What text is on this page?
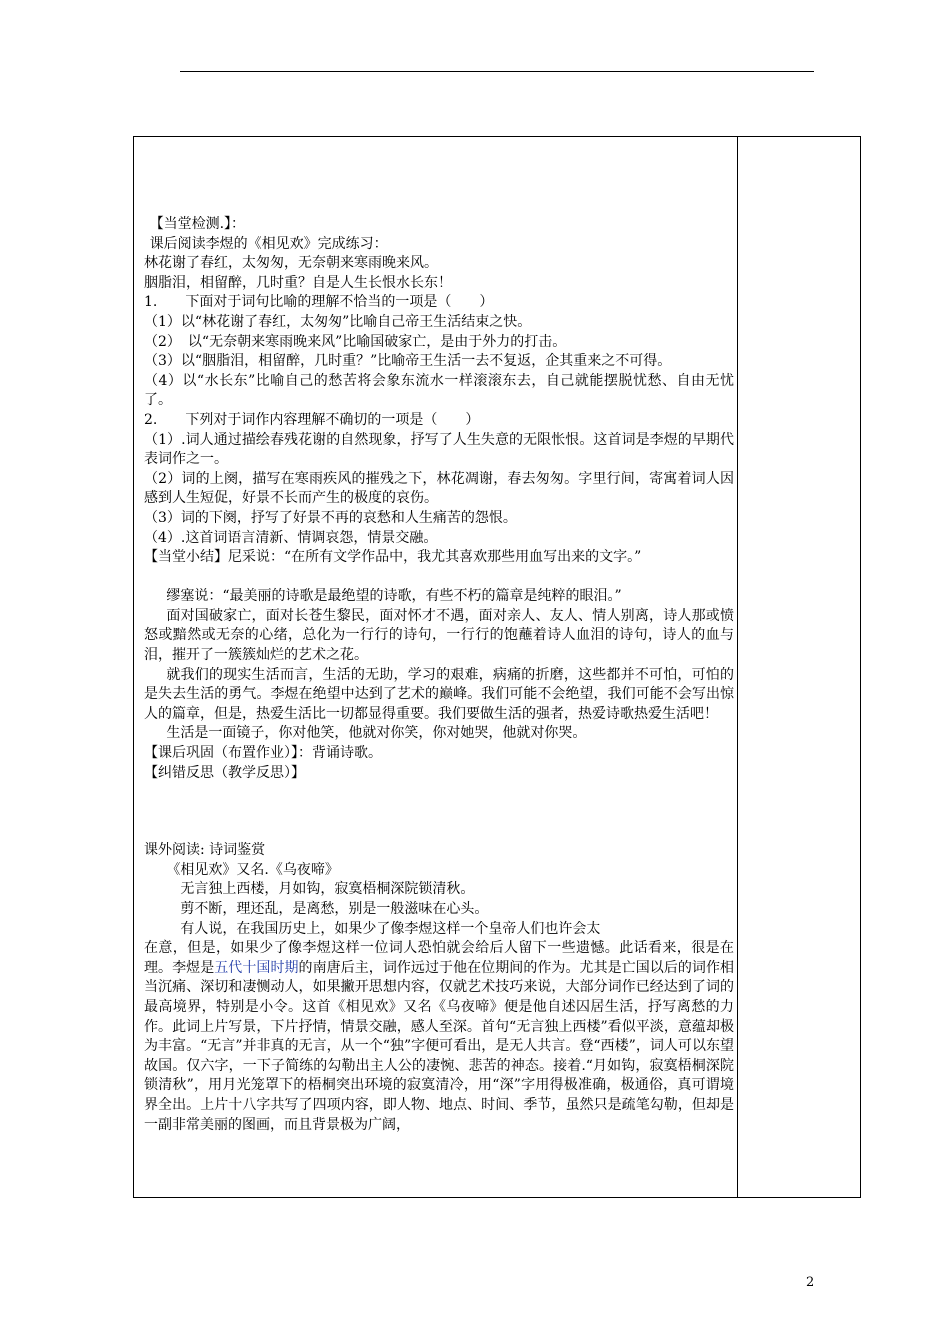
【当堂检测.】：

课后阅读李煜的《相见欢》完成练习：

林花谢了春红，太匆匆，无奈朝来寒雨晚来风。

胭脂泪，相留醉，几时重？自是人生长恨水长东！

1.　　下面对于词句比喻的理解不恰当的一项是（　　）

（1）以“林花谢了春红，太匆匆”比喻自己帝王生活结束之快。

（2）　以“无奈朝来寒雨晚来风”比喻国破家亡，是由于外力的打击。

（3）以“胭脂泪，相留醉，几时重？”比喻帝王生活一去不复返，企其重来之不可得。

（4）以“水长东”比喻自己的愁苦将会象东流水一样滚滚东去，自己就能摆脱忧愁、自由无忧了。

2.　　下列对于词作内容理解不确切的一项是（　　）

（1）.词人通过描绘春残花谢的自然现象，抒写了人生失意的无限怅恨。这首词是李煜的早期代表词作之一。

（2）词的上阕，描写在寒雨疾风的摧残之下，林花凋谢，春去匆匆。字里行间，寄寓着词人因感到人生短促，好景不长而产生的极度的哀伤。

（3）词的下阕，抒写了好景不再的哀愁和人生痛苦的怨恨。

（4）.这首词语言清新、情调哀怨，情景交融。

【当堂小结】尼采说：“在所有文学作品中，我尤其喜欢那些用血写出来的文字。”

缪塞说：“最美丽的诗歌是最绝望的诗歌，有些不朽的篇章是纯粹的眼泪。”

面对国破家亡，面对长苍生黎民，面对怀才不遇，面对亲人、友人、情人别离，诗人那或愤怒或黯然或无奈的心绪，总化为一行行的诗句，一行行的饱蘸着诗人血泪的诗句，诗人的血与泪，摧开了一簇簇灿烂的艺术之花。

就我们的现实生活而言，生活的无助，学习的艰难，病痛的折磨，这些都并不可怕，可怕的是失去生活的勇气。李煜在绝望中达到了艺术的巅峰。我们可能不会绝望，我们可能不会写出惊人的篇章，但是，热爱生活比一切都显得重要。我们要做生活的强者，热爱诗歌热爱生活吧！

生活是一面镜子，你对他笑，他就对你笑，你对她哭，他就对你哭。

【课后巩固（布置作业）】：背诵诗歌。

【纠错反思（教学反思）】

课外阅读: 诗词鉴赏

《相见欢》又名.《乌夜啼》

无言独上西楼，月如钩，寂寞梧桐深院锁清秋。

剪不断，理还乱，是离愁，别是一般滋味在心头。

有人说，在我国历史上，如果少了像李煜这样一个皇帝人们也许会太

在意，但是，如果少了像李煜这样一位词人恐怕就会给后人留下一些遗憾。此话看来，很是在理。李煜是五代十国时期的南唐后主，词作远过于他在位期间的作为。尤其是亡国以后的词作相当沉痛、深切和凄恻动人，如果撇开思想内容，仅就艺术技巧来说，大部分词作已经达到了词的最高境界，特别是小令。这首《相见欢》又名《乌夜啼》便是他自述囚居生活，抒写离愁的力作。此词上片写景，下片抒情，情景交融，感人至深。首句“无言独上西楼”看似平淡，意蕴却极为丰富。“无言”并非真的无言，从一个“独”字便可看出，是无人共言。登“西楼”，词人可以东望故国。仅六字，一下子简练的勾勒出主人公的凄惋、悲苦的神态。接着.“月如钩，寂寞梧桐深院锁清秋”，用月光笼罩下的梧桐突出环境的寂寞清冷，用“深”字用得极准确，极通俗，真可谓境界全出。上片十八字共写了四项内容，即人物、地点、时间、季节，虽然只是疏笔勾勒，但却是一副非常美丽的图画，而且背景极为广阔，

2
